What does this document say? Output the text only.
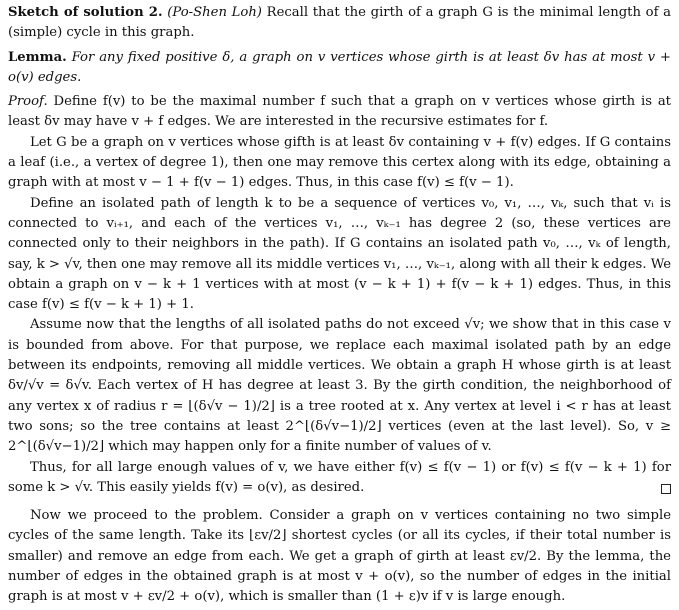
Sketch of solution 2. (Po-Shen Loh) Recall that the girth of a graph G is the minimal length of a (simple) cycle in this graph.

Lemma. For any fixed positive δ, a graph on v vertices whose girth is at least δv has at most v + o(v) edges.

Proof. Define f(v) to be the maximal number f such that a graph on v vertices whose girth is at least δv may have v + f edges. We are interested in the recursive estimates for f.

Let G be a graph on v vertices whose gifth is at least δv containing v + f(v) edges. If G contains a leaf (i.e., a vertex of degree 1), then one may remove this certex along with its edge, obtaining a graph with at most v − 1 + f(v − 1) edges. Thus, in this case f(v) ≤ f(v − 1).

Define an isolated path of length k to be a sequence of vertices v₀, v₁, …, vₖ, such that vᵢ is connected to vᵢ₊₁, and each of the vertices v₁, …, vₖ₋₁ has degree 2 (so, these vertices are connected only to their neighbors in the path). If G contains an isolated path v₀, …, vₖ of length, say, k > √v, then one may remove all its middle vertices v₁, …, vₖ₋₁, along with all their k edges. We obtain a graph on v − k + 1 vertices with at most (v − k + 1) + f(v − k + 1) edges. Thus, in this case f(v) ≤ f(v − k + 1) + 1.

Assume now that the lengths of all isolated paths do not exceed √v; we show that in this case v is bounded from above. For that purpose, we replace each maximal isolated path by an edge between its endpoints, removing all middle vertices. We obtain a graph H whose girth is at least δv/√v = δ√v. Each vertex of H has degree at least 3. By the girth condition, the neighborhood of any vertex x of radius r = ⌊(δ√v − 1)/2⌋ is a tree rooted at x. Any vertex at level i < r has at least two sons; so the tree contains at least 2^⌊(δ√v−1)/2⌋ vertices (even at the last level). So, v ≥ 2^⌊(δ√v−1)/2⌋ which may happen only for a finite number of values of v.

Thus, for all large enough values of v, we have either f(v) ≤ f(v − 1) or f(v) ≤ f(v − k + 1) for some k > √v. This easily yields f(v) = o(v), as desired.

Now we proceed to the problem. Consider a graph on v vertices containing no two simple cycles of the same length. Take its ⌊εv/2⌋ shortest cycles (or all its cycles, if their total number is smaller) and remove an edge from each. We get a graph of girth at least εv/2. By the lemma, the number of edges in the obtained graph is at most v + o(v), so the number of edges in the initial graph is at most v + εv/2 + o(v), which is smaller than (1 + ε)v if v is large enough.
